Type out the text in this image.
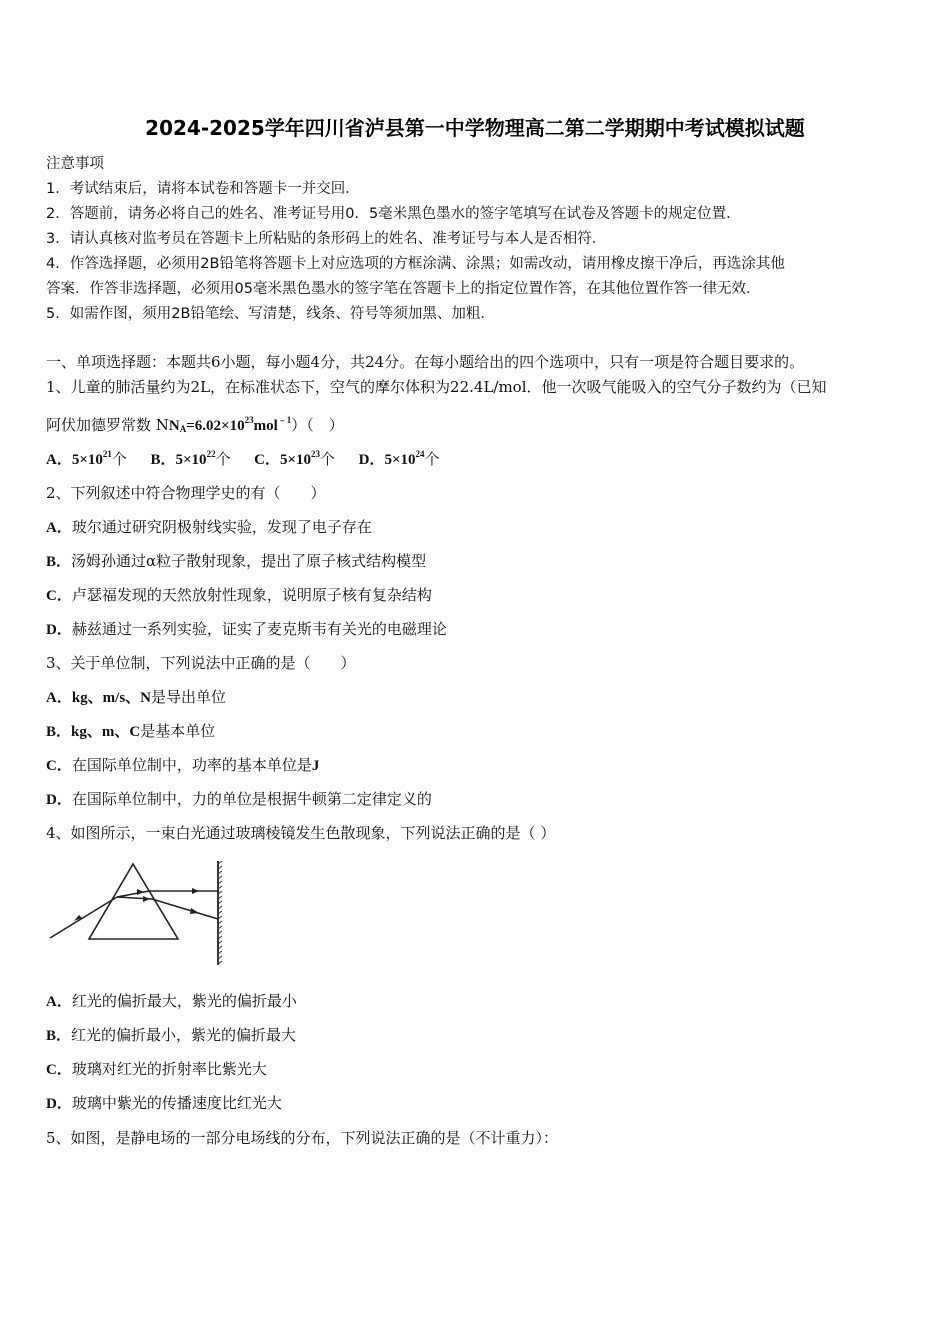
2024-2025学年四川省泸县第一中学物理高二第二学期期中考试模拟试题
注意事项
1．考试结束后，请将本试卷和答题卡一并交回．
2．答题前，请务必将自己的姓名、准考证号用0．5毫米黑色墨水的签字笔填写在试卷及答题卡的规定位置．
3．请认真核对监考员在答题卡上所粘贴的条形码上的姓名、准考证号与本人是否相符．
4．作答选择题，必须用2B铅笔将答题卡上对应选项的方框涂满、涂黑；如需改动，请用橡皮擦干净后，再选涂其他
答案．作答非选择题，必须用05毫米黑色墨水的签字笔在答题卡上的指定位置作答，在其他位置作答一律无效．
5．如需作图，须用2B铅笔绘、写清楚，线条、符号等须加黑、加粗．
一、单项选择题：本题共6小题，每小题4分，共24分。在每小题给出的四个选项中，只有一项是符合题目要求的。
1、儿童的肺活量约为2L，在标准状态下，空气的摩尔体积为22.4L/mol．他一次吸气能吸入的空气分子数约为（已知
阿伏加德罗常数 $NN_A=6.02\times 10^{23}mol^{﹣1}$）（　）
A．$5\times 10^{21}$个 B．$5\times 10^{22}$个 C．$5\times 10^{23}$个 D．$5\times 10^{24}$个
2、下列叙述中符合物理学史的有（　　）
A．玻尔通过研究阴极射线实验，发现了电子存在
B．汤姆孙通过α粒子散射现象，提出了原子核式结构模型
C．卢瑟福发现的天然放射性现象，说明原子核有复杂结构
D．赫兹通过一系列实验，证实了麦克斯韦有关光的电磁理论
3、关于单位制，下列说法中正确的是（　　）
A．kg、m/s、N是导出单位
B．kg、m、C是基本单位
C．在国际单位制中，功率的基本单位是J
D．在国际单位制中，力的单位是根据牛顿第二定律定义的
4、如图所示，一束白光通过玻璃棱镜发生色散现象，下列说法正确的是（ ）
A．红光的偏折最大，紫光的偏折最小
B．红光的偏折最小，紫光的偏折最大
C．玻璃对红光的折射率比紫光大
D．玻璃中紫光的传播速度比红光大
5、如图，是静电场的一部分电场线的分布，下列说法正确的是（不计重力）：
